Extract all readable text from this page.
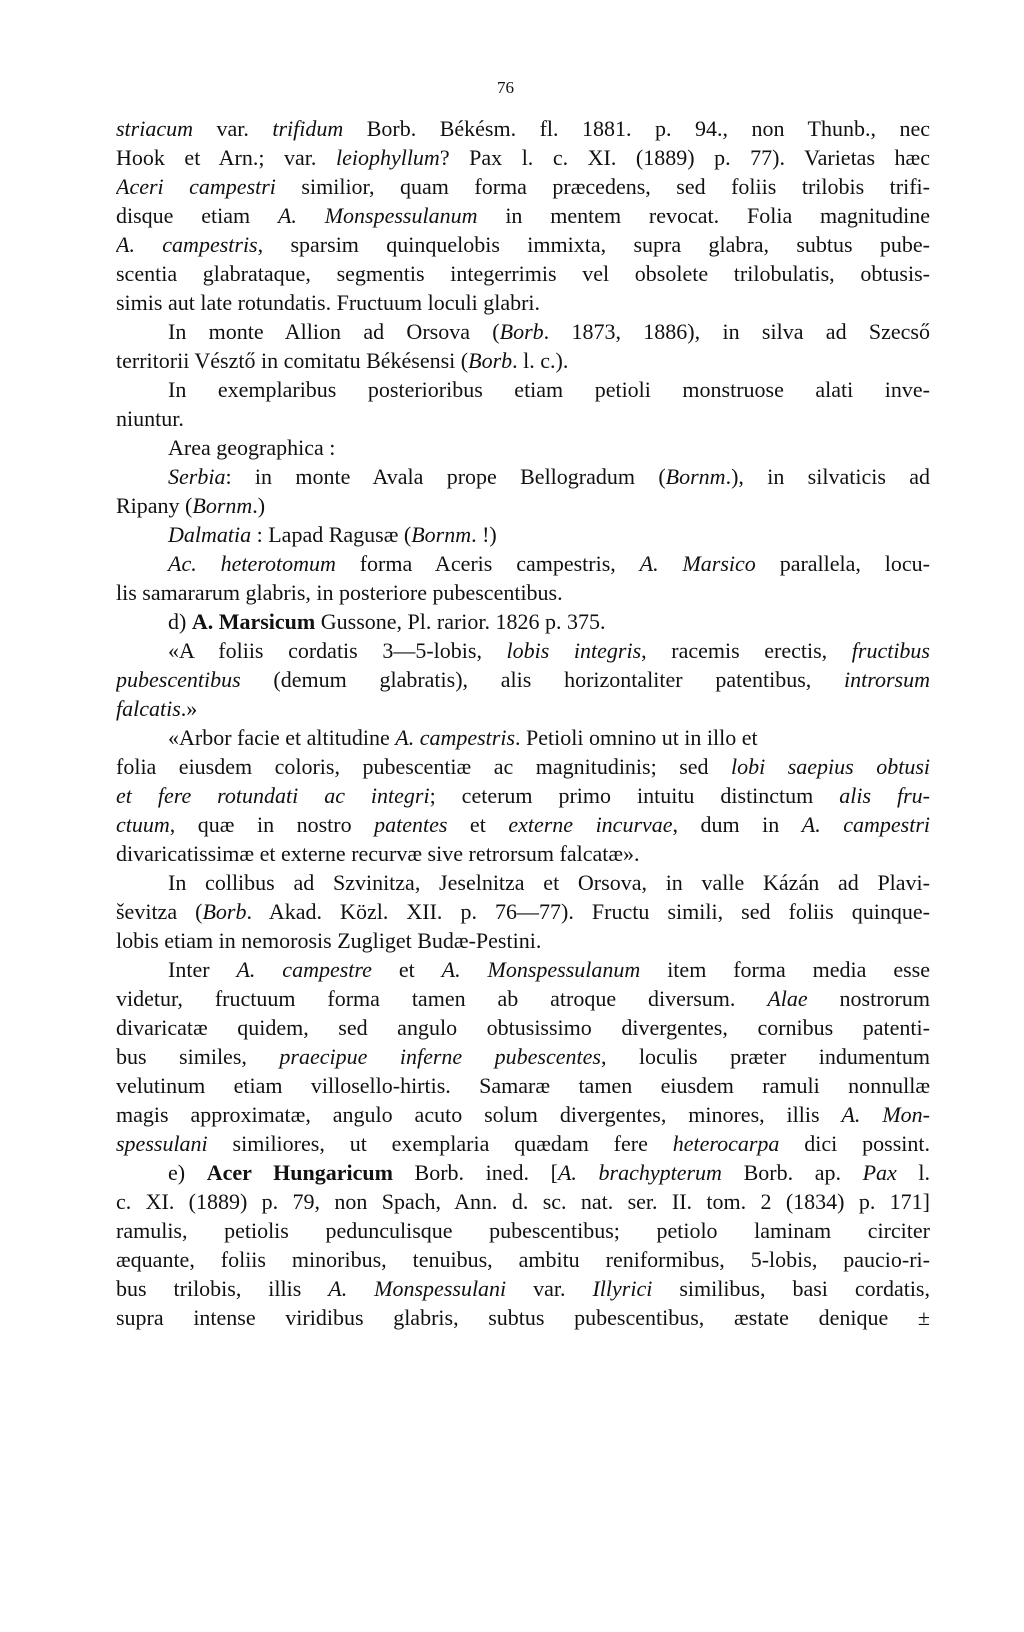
76
striacum var. trifidum Borb. Békésm. fl. 1881. p. 94., non Thunb., nec
Hook et Arn.; var. leiophyllum? Pax l. c. XI. (1889) p. 77). Varietas hæc
Aceri campestri similior, quam forma præcedens, sed foliis trilobis trifi-
disque etiam A. Monspessulanum in mentem revocat. Folia magnitudine
A. campestris, sparsim quinquelobis immixta, supra glabra, subtus pube-
scentia glabrataque, segmentis integerrimis vel obsolete trilobulatis, obtusis-
simis aut late rotundatis. Fructuum loculi glabri.
In monte Allion ad Orsova (Borb. 1873, 1886), in silva ad Szecső
territorii Vésztő in comitatu Békésensi (Borb. l. c.).
In exemplaribus posterioribus etiam petioli monstruose alati inve-
niuntur.
Area geographica :
Serbia: in monte Avala prope Bellogradum (Bornm.), in silvaticis ad
Ripany (Bornm.)
Dalmatia : Lapad Ragusæ (Bornm. !)
Ac. heterotomum forma Aceris campestris, A. Marsico parallela, locu-
lis samararum glabris, in posteriore pubescentibus.
d) A. Marsicum Gussone, Pl. rarior. 1826 p. 375.
«A foliis cordatis 3—5-lobis, lobis integris, racemis erectis, fructibus
pubescentibus (demum glabratis), alis horizontaliter patentibus, introrsum
falcatis.»
«Arbor facie et altitudine A. campestris. Petioli omnino ut in illo et
folia eiusdem coloris, pubescentiæ ac magnitudinis; sed lobi saepius obtusi
et fere rotundati ac integri; ceterum primo intuitu distinctum alis fru-
ctuum, quæ in nostro patentes et externe incurvae, dum in A. campestri
divaricatissimæ et externe recurvæ sive retrorsum falcatæ».
In collibus ad Szvinitza, Jeselnitza et Orsova, in valle Kázán ad Plavi-
ševitza (Borb. Akad. Közl. XII. p. 76—77). Fructu simili, sed foliis quinque-
lobis etiam in nemorosis Zugliget Budæ-Pestini.
Inter A. campestre et A. Monspessulanum item forma media esse
videtur, fructuum forma tamen ab atroque diversum. Alae nostrorum
divaricatæ quidem, sed angulo obtusissimo divergentes, cornibus patenti-
bus similes, praecipue inferne pubescentes, loculis præter indumentum
velutinum etiam villosello-hirtis. Samaræ tamen eiusdem ramuli nonnullæ
magis approximatæ, angulo acuto solum divergentes, minores, illis A. Mon-
spessulani similiores, ut exemplaria quædam fere heterocarpa dici possint.
e) Acer Hungaricum Borb. ined. [A. brachypterum Borb. ap. Pax l.
c. XI. (1889) p. 79, non Spach, Ann. d. sc. nat. ser. II. tom. 2 (1834) p. 171]
ramulis, petiolis pedunculisque pubescentibus; petiolo laminam circiter
æquante, foliis minoribus, tenuibus, ambitu reniformibus, 5-lobis, paucio-ri-
bus trilobis, illis A. Monspessulani var. Illyrici similibus, basi cordatis,
supra intense viridibus glabris, subtus pubescentibus, æstate denique ±
